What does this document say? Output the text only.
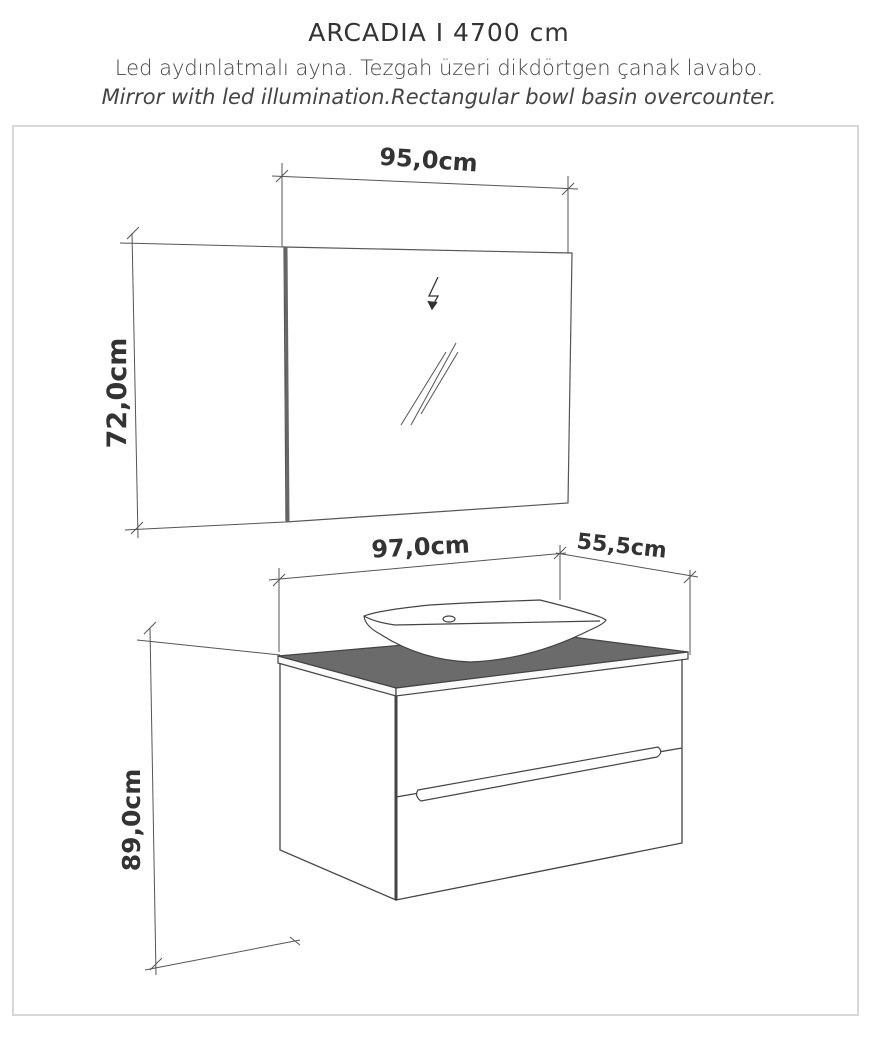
ARCADIA I 4700 cm
Led aydınlatmalı ayna. Tezgah üzeri dikdörtgen çanak lavabo.
Mirror with led illumination.Rectangular bowl basin overcounter.
95,0cm
72,0cm
97,0cm	55,5cm
89,0cm
